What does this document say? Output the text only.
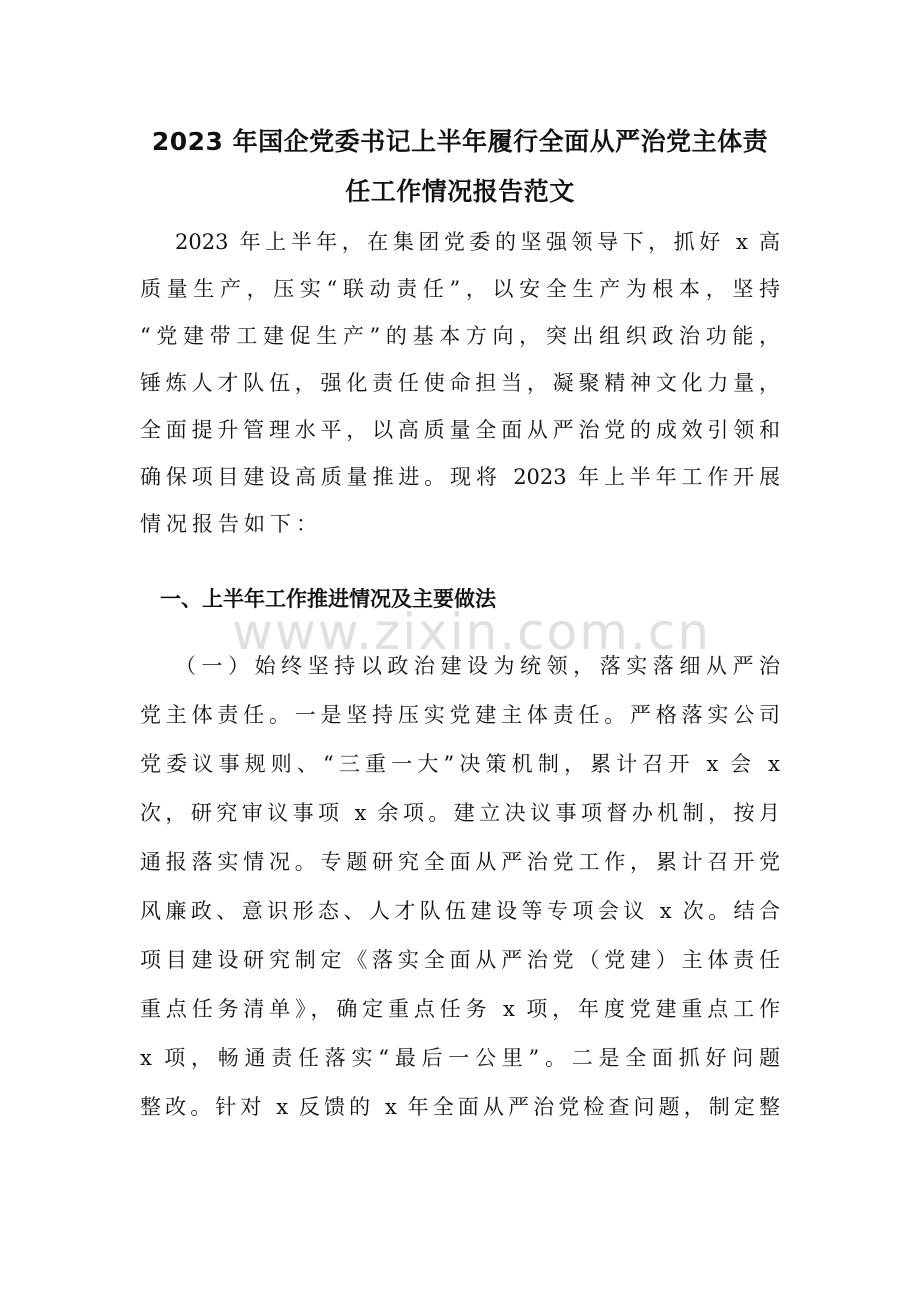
2023 年国企党委书记上半年履行全面从严治党主体责
任工作情况报告范文
2023 年上半年，在集团党委的坚强领导下，抓好 x 高
质量生产，压实“联动责任”，以安全生产为根本，坚持
“党建带工建促生产”的基本方向，突出组织政治功能，
锤炼人才队伍，强化责任使命担当，凝聚精神文化力量，
全面提升管理水平，以高质量全面从严治党的成效引领和
确保项目建设高质量推进。现将 2023 年上半年工作开展
情况报告如下：
一、上半年工作推进情况及主要做法
www.zixin.com.cn
（一）始终坚持以政治建设为统领，落实落细从严治
党主体责任。一是坚持压实党建主体责任。严格落实公司
党委议事规则、“三重一大”决策机制，累计召开 x 会 x
次，研究审议事项 x 余项。建立决议事项督办机制，按月
通报落实情况。专题研究全面从严治党工作，累计召开党
风廉政、意识形态、人才队伍建设等专项会议 x 次。结合
项目建设研究制定《落实全面从严治党（党建）主体责任
重点任务清单》，确定重点任务 x 项，年度党建重点工作
x 项，畅通责任落实“最后一公里”。二是全面抓好问题
整改。针对 x 反馈的 x 年全面从严治党检查问题，制定整
